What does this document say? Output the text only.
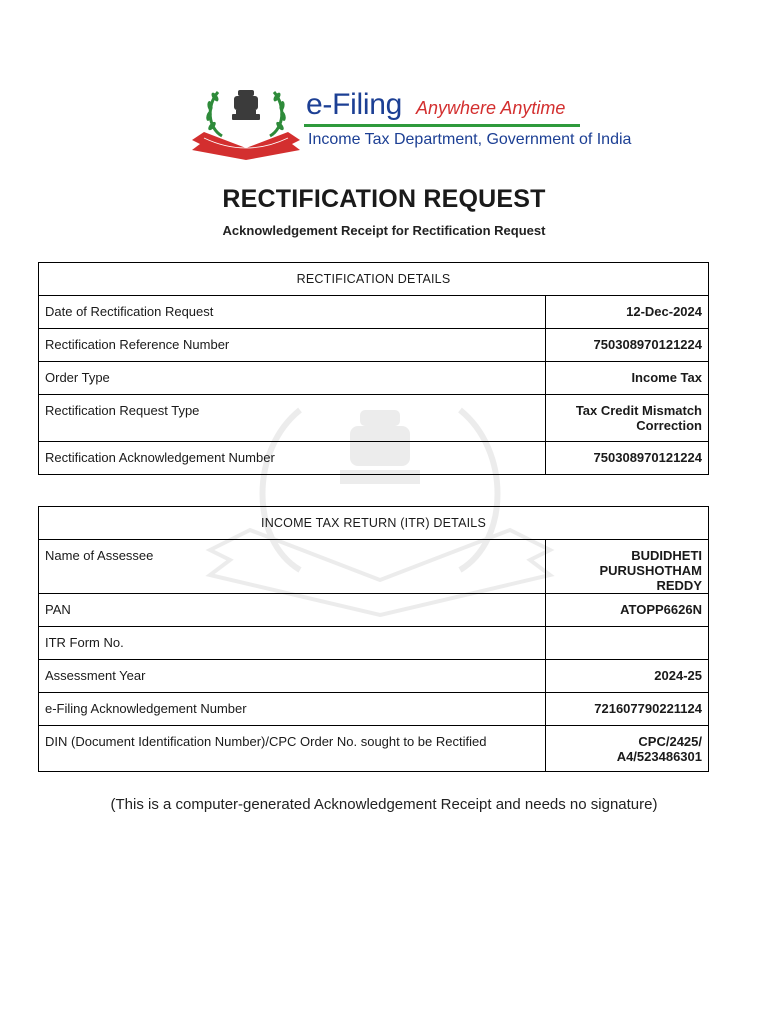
e-Filing Anywhere Anytime
Income Tax Department, Government of India
RECTIFICATION REQUEST
Acknowledgement Receipt for Rectification Request
RECTIFICATION DETAILS	
Date of Rectification Request	12-Dec-2024
Rectification Reference Number	750308970121224
Order Type	Income Tax
Rectification Request Type	Tax Credit Mismatch Correction
Rectification Acknowledgement Number	750308970121224
INCOME TAX RETURN (ITR) DETAILS	
Name of Assessee	BUDIDHETI PURUSHOTHAM REDDY
PAN	ATOPP6626N
ITR Form No.	
Assessment Year	2024-25
e-Filing Acknowledgement Number	721607790221124
DIN (Document Identification Number)/CPC Order No. sought to be Rectified	CPC/2425/ A4/523486301
(This is a computer-generated Acknowledgement Receipt and needs no signature)
